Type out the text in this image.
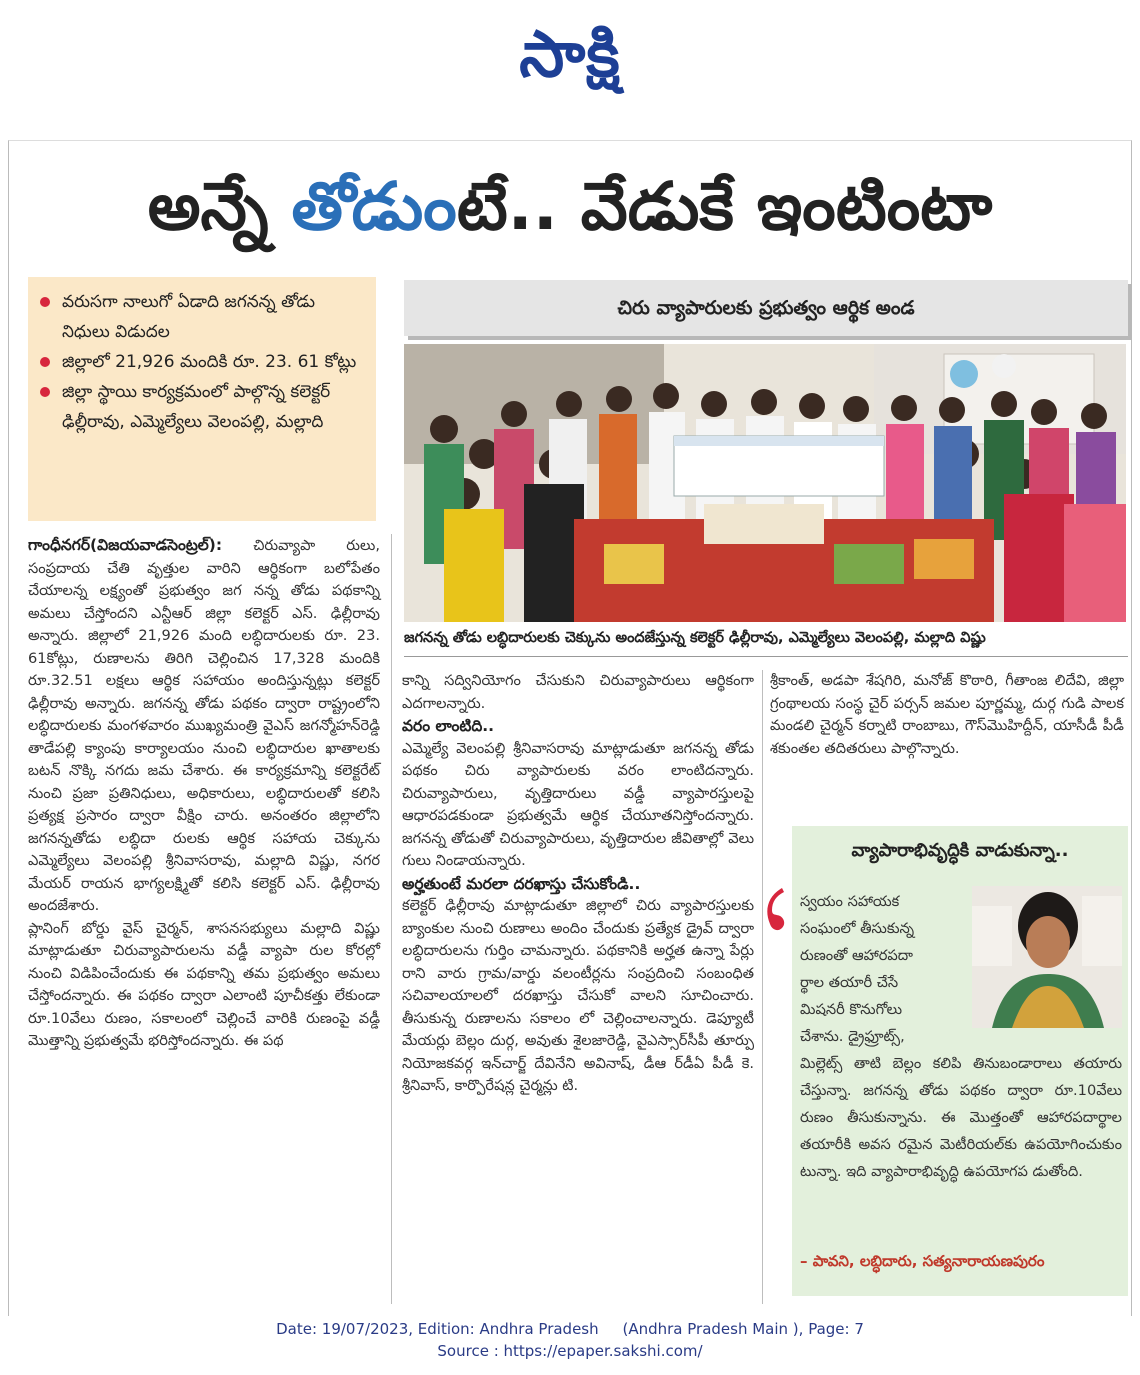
సాక్షి
అన్నే తోడుంటే.. వేడుకే ఇంటింటా
వరుసగా నాలుగో ఏడాది జగనన్న తోడు నిధులు విడుదల
జిల్లాలో 21,926 మందికి రూ. 23. 61 కోట్లు
జిల్లా స్థాయి కార్యక్రమంలో పాల్గొన్న కలెక్టర్ ఢిల్లీరావు, ఎమ్మెల్యేలు వెలంపల్లి, మల్లాది
చిరు వ్యాపారులకు ప్రభుత్వం ఆర్థిక అండ
జగనన్న తోడు లబ్ధిదారులకు చెక్కును అందజేస్తున్న కలెక్టర్ ఢిల్లీరావు, ఎమ్మెల్యేలు వెలంపల్లి, మల్లాది విష్ణు

గాంధీనగర్(విజయవాడసెంట్రల్): చిరువ్యాపా రులు, సంప్రదాయ చేతి వృత్తుల వారిని ఆర్థికంగా బలోపేతం చేయాలన్న లక్ష్యంతో ప్రభుత్వం జగ నన్న తోడు పథకాన్ని అమలు చేస్తోందని ఎన్టీఆర్ జిల్లా కలెక్టర్ ఎస్. ఢిల్లీరావు అన్నారు. జిల్లాలో 21,926 మంది లబ్ధిదారులకు రూ. 23. 61కోట్లు, రుణాలను తిరిగి చెల్లించిన 17,328 మందికి రూ.32.51 లక్షలు ఆర్థిక సహాయం అందిస్తున్నట్లు కలెక్టర్ ఢిల్లీరావు అన్నారు. జగనన్న తోడు పథకం ద్వారా రాష్ట్రంలోని లబ్ధిదారులకు మంగళవారం ముఖ్యమంత్రి వైఎస్ జగన్మోహన్‌రెడ్డి తాడేపల్లి క్యాంపు కార్యాలయం నుంచి లబ్ధిదారుల ఖాతాలకు బటన్ నొక్కి నగదు జమ చేశారు. ఈ కార్యక్రమాన్ని కలెక్టరేట్ నుంచి ప్రజా ప్రతినిధులు, అధికారులు, లబ్ధిదారులతో కలిసి ప్రత్యక్ష ప్రసారం ద్వారా వీక్షిం చారు. అనంతరం జిల్లాలోని జగనన్నతోడు లబ్ధిదా రులకు ఆర్థిక సహాయ చెక్కును ఎమ్మెల్యేలు వెలంపల్లి శ్రీనివాసరావు, మల్లాది విష్ణు, నగర మేయర్ రాయన భాగ్యలక్ష్మితో కలిసి కలెక్టర్ ఎస్. ఢిల్లీరావు అందజేశారు.

ప్లానింగ్ బోర్డు వైస్ చైర్మన్, శాసనసభ్యులు మల్లాది విష్ణు మాట్లాడుతూ చిరువ్యాపారులను వడ్డీ వ్యాపా రుల కోరల్లో నుంచి విడిపించేందుకు ఈ పథకాన్ని తమ ప్రభుత్వం అమలు చేస్తోందన్నారు. ఈ పథకం ద్వారా ఎలాంటి పూచీకత్తు లేకుండా రూ.10వేలు రుణం, సకాలంలో చెల్లించే వారికి రుణంపై వడ్డీ మొత్తాన్ని ప్రభుత్వమే భరిస్తోందన్నారు. ఈ పథ

కాన్ని సద్వినియోగం చేసుకుని చిరువ్యాపారులు ఆర్థికంగా ఎదగాలన్నారు.

వరం లాంటిది..

ఎమ్మెల్యే వెలంపల్లి శ్రీనివాసరావు మాట్లాడుతూ జగనన్న తోడు పథకం చిరు వ్యాపారులకు వరం లాంటిదన్నారు. చిరువ్యాపారులు, వృత్తిదారులు వడ్డీ వ్యాపారస్తులపై ఆధారపడకుండా ప్రభుత్వమే ఆర్థిక చేయూతనిస్తోందన్నారు. జగనన్న తోడుతో చిరువ్యాపారులు, వృత్తిదారుల జీవితాల్లో వెలు గులు నిండాయన్నారు.

అర్హతుంటే మరలా దరఖాస్తు చేసుకోండి..

కలెక్టర్ ఢిల్లీరావు మాట్లాడుతూ జిల్లాలో చిరు వ్యాపారస్తులకు బ్యాంకుల నుంచి రుణాలు అందిం చేందుకు ప్రత్యేక డ్రైవ్ ద్వారా లబ్ధిదారులను గుర్తిం చామన్నారు. పథకానికి అర్హత ఉన్నా పేర్లు రాని వారు గ్రామ/వార్డు వలంటీర్లను సంప్రదించి సంబంధిత సచివాలయాలలో దరఖాస్తు చేసుకో వాలని సూచించారు. తీసుకున్న రుణాలను సకాలం లో చెల్లించాలన్నారు. డెప్యూటీ మేయర్లు బెల్లం దుర్గ, అవుతు శైలజారెడ్డి, వైఎస్సార్‌సీపీ తూర్పు నియోజకవర్గ ఇన్‌చార్జ్ దేవినేని అవినాష్, డీఆ ర్‌డీఏ పీడీ కె. శ్రీనివాస్, కార్పొరేషన్ల చైర్మన్లు టి.

శ్రీకాంత్, అడపా శేషగిరి, మనోజ్ కొఠారి, గీతాంజ లిదేవి, జిల్లా గ్రంథాలయ సంస్థ చైర్ పర్సన్ జమల పూర్ణమ్మ, దుర్గ గుడి పాలక మండలి చైర్మన్ కర్నాటి రాంబాబు, గౌస్‌మొహిద్దీన్, యాసీడీ పీడీ శకుంతల తదితరులు పాల్గొన్నారు.

వ్యాపారాభివృద్ధికి వాడుకున్నా..
స్వయం సహాయక
సంఘంలో తీసుకున్న
రుణంతో ఆహారపదా
ర్థాల తయారీ చేసే
మిషనరీ కొనుగోలు
చేశాను. డ్రైఫ్రూట్స్,
మిల్లెట్స్ తాటి బెల్లం కలిపి తినుబండారాలు తయారు చేస్తున్నా. జగనన్న తోడు పథకం ద్వారా రూ.10వేలు రుణం తీసుకున్నాను. ఈ మొత్తంతో ఆహారపదార్థాల తయారీకి అవస రమైన మెటీరియల్‌కు ఉపయోగించుకుం టున్నా. ఇది వ్యాపారాభివృద్ధి ఉపయోగప డుతోంది.
– పావని, లబ్ధిదారు, సత్యనారాయణపురం
Date: 19/07/2023, Edition: Andhra Pradesh     (Andhra Pradesh Main ), Page: 7
Source : https://epaper.sakshi.com/
